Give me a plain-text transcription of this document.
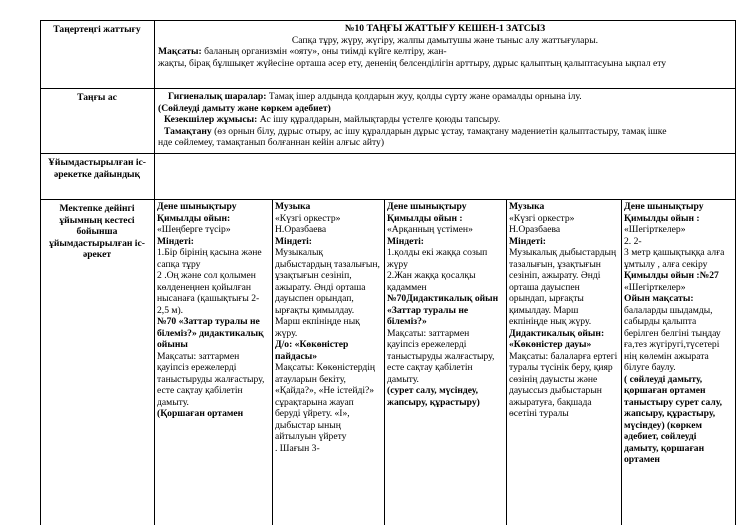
Таңертеңгі жаттығу	№10 ТАҢҒЫ ЖАТТЫҒУ КЕШЕН-1 ЗАТСЫЗ
Сапқа тұру, жүру, жүгіру, жалпы дамытушы және тыныс алу жаттығулары.
Мақсаты: баланың организмін «оятy», оны тиімді күйге келтіру, жан-
жақты, бірақ бұлшықет жүйесіне орташа әсер ету, дененің белсенділігін арттыру, дұрыс қалыптың қалыптасуына ықпал ету
Таңғы ас	Гигиеналық шаралар: Тамақ ішер алдында қолдарын жуу, қолды сүрту және орамалды орнына ілу.
(Сөйлеуді дамыту және көркем әдебиет)
Кезекшілер жұмысы: Ас ішу құралдарын, майлықтарды үстелге қоюды тапсыру.
Тамақтану (өз орнын білу, дұрыс отыру, ас ішу құралдарын дұрыс ұстау, тамақтану мәдениетін қалыптастыру, тамақ ішке
нде сөйлемеу, тамақтанып болғаннан кейін алғыс айту)
Ұйымдастырылған іс-әрекетке дайындық
Мектепке дейінгі ұйымның кестесі бойынша ұйымдастырылған іс-әрекет

Дене шынықтыру

Қимылды ойын:

«Шеңберге түсір»

Міндеті:

1.Бір бірінің қасына және сапқа тұру

2 .Оң және сол қолымен көлденеңнен қойылған нысанаға (қашықтығы 2-2,5 м).

№70 «Заттар туралы не білеміз?» дидактикалық ойыны

Мақсаты: заттармен қауіпсіз ережелерді таныстыруды жалғастыру, есте сақтау қабілетін дамыту.

(Қоршаған ортамен

Музыка

«Күзгі оркестр»

Н.Оразбаева

Міндеті:

Музыкалық дыбыстардың тазалығын, ұзақтығын сезініп, ажырату. Әнді орташа дауыспен орындап, ырғақты қимылдау. Марш екпініңде нық жүру.

Д/о: «Көкөністер пайдасы»

Мақсаты: Көкөністердің атауларын бекіту, «Қайда?», «Не істейді?» сұрақтарына жауап беруді үйрету. «І», дыбыстар ының айтылуын үйрету

. Шағын 3-

Дене шынықтыру

Қимылды ойын :

«Арқанның үстімен»

Міндеті:

1.қолды екі жаққа созып жүру

2.Жан жаққа қосалқы қадаммен

№70Дидактикалық ойын

«Заттар туралы не білеміз?»

Мақсаты: заттармен қауіпсіз ережелерді таныстыруды жалғастыру, есте сақтау қабілетін дамыту.

(сурет салу, мүсіндеу, жапсыру, құрастыру)

Музыка

«Күзгі оркестр»

Н.Оразбаева

Міндеті:

Музыкалық дыбыстардың тазалығын, ұзақтығын сезініп, ажырату. Әнді орташа дауыспен орындап, ырғақты қимылдау. Марш екпініңде нық жүру.

Дидактикалық ойын: «Көкөністер дауы»

Мақсаты: балаларға ертегі туралы түсінік беру, қияр сөзінің дауысты және дауыссыз дыбыстарын ажыратуға, бақшада өсетіні туралы

Дене шынықтыру

Қимылды ойын :

«Шегірткелер»

2. 2-

3 метр қашықтыққа алға ұмтылу , алға секіру

Қимылды ойын :№27

«Шегірткелер»

Ойын мақсаты:

балаларды шыдамды, сабырды қалыпта берілген белгіні тыңдау ға,тез жүгіругі,түсетері нің көлемін ажырата білуге баулу.

( сөйлеуді дамыту, қоршаған ортамен таныстыру сурет салу, жапсыру, құрастыру, мүсіндеу) (көркем әдебиет, сөйлеуді дамыту, қоршаған ортамен
